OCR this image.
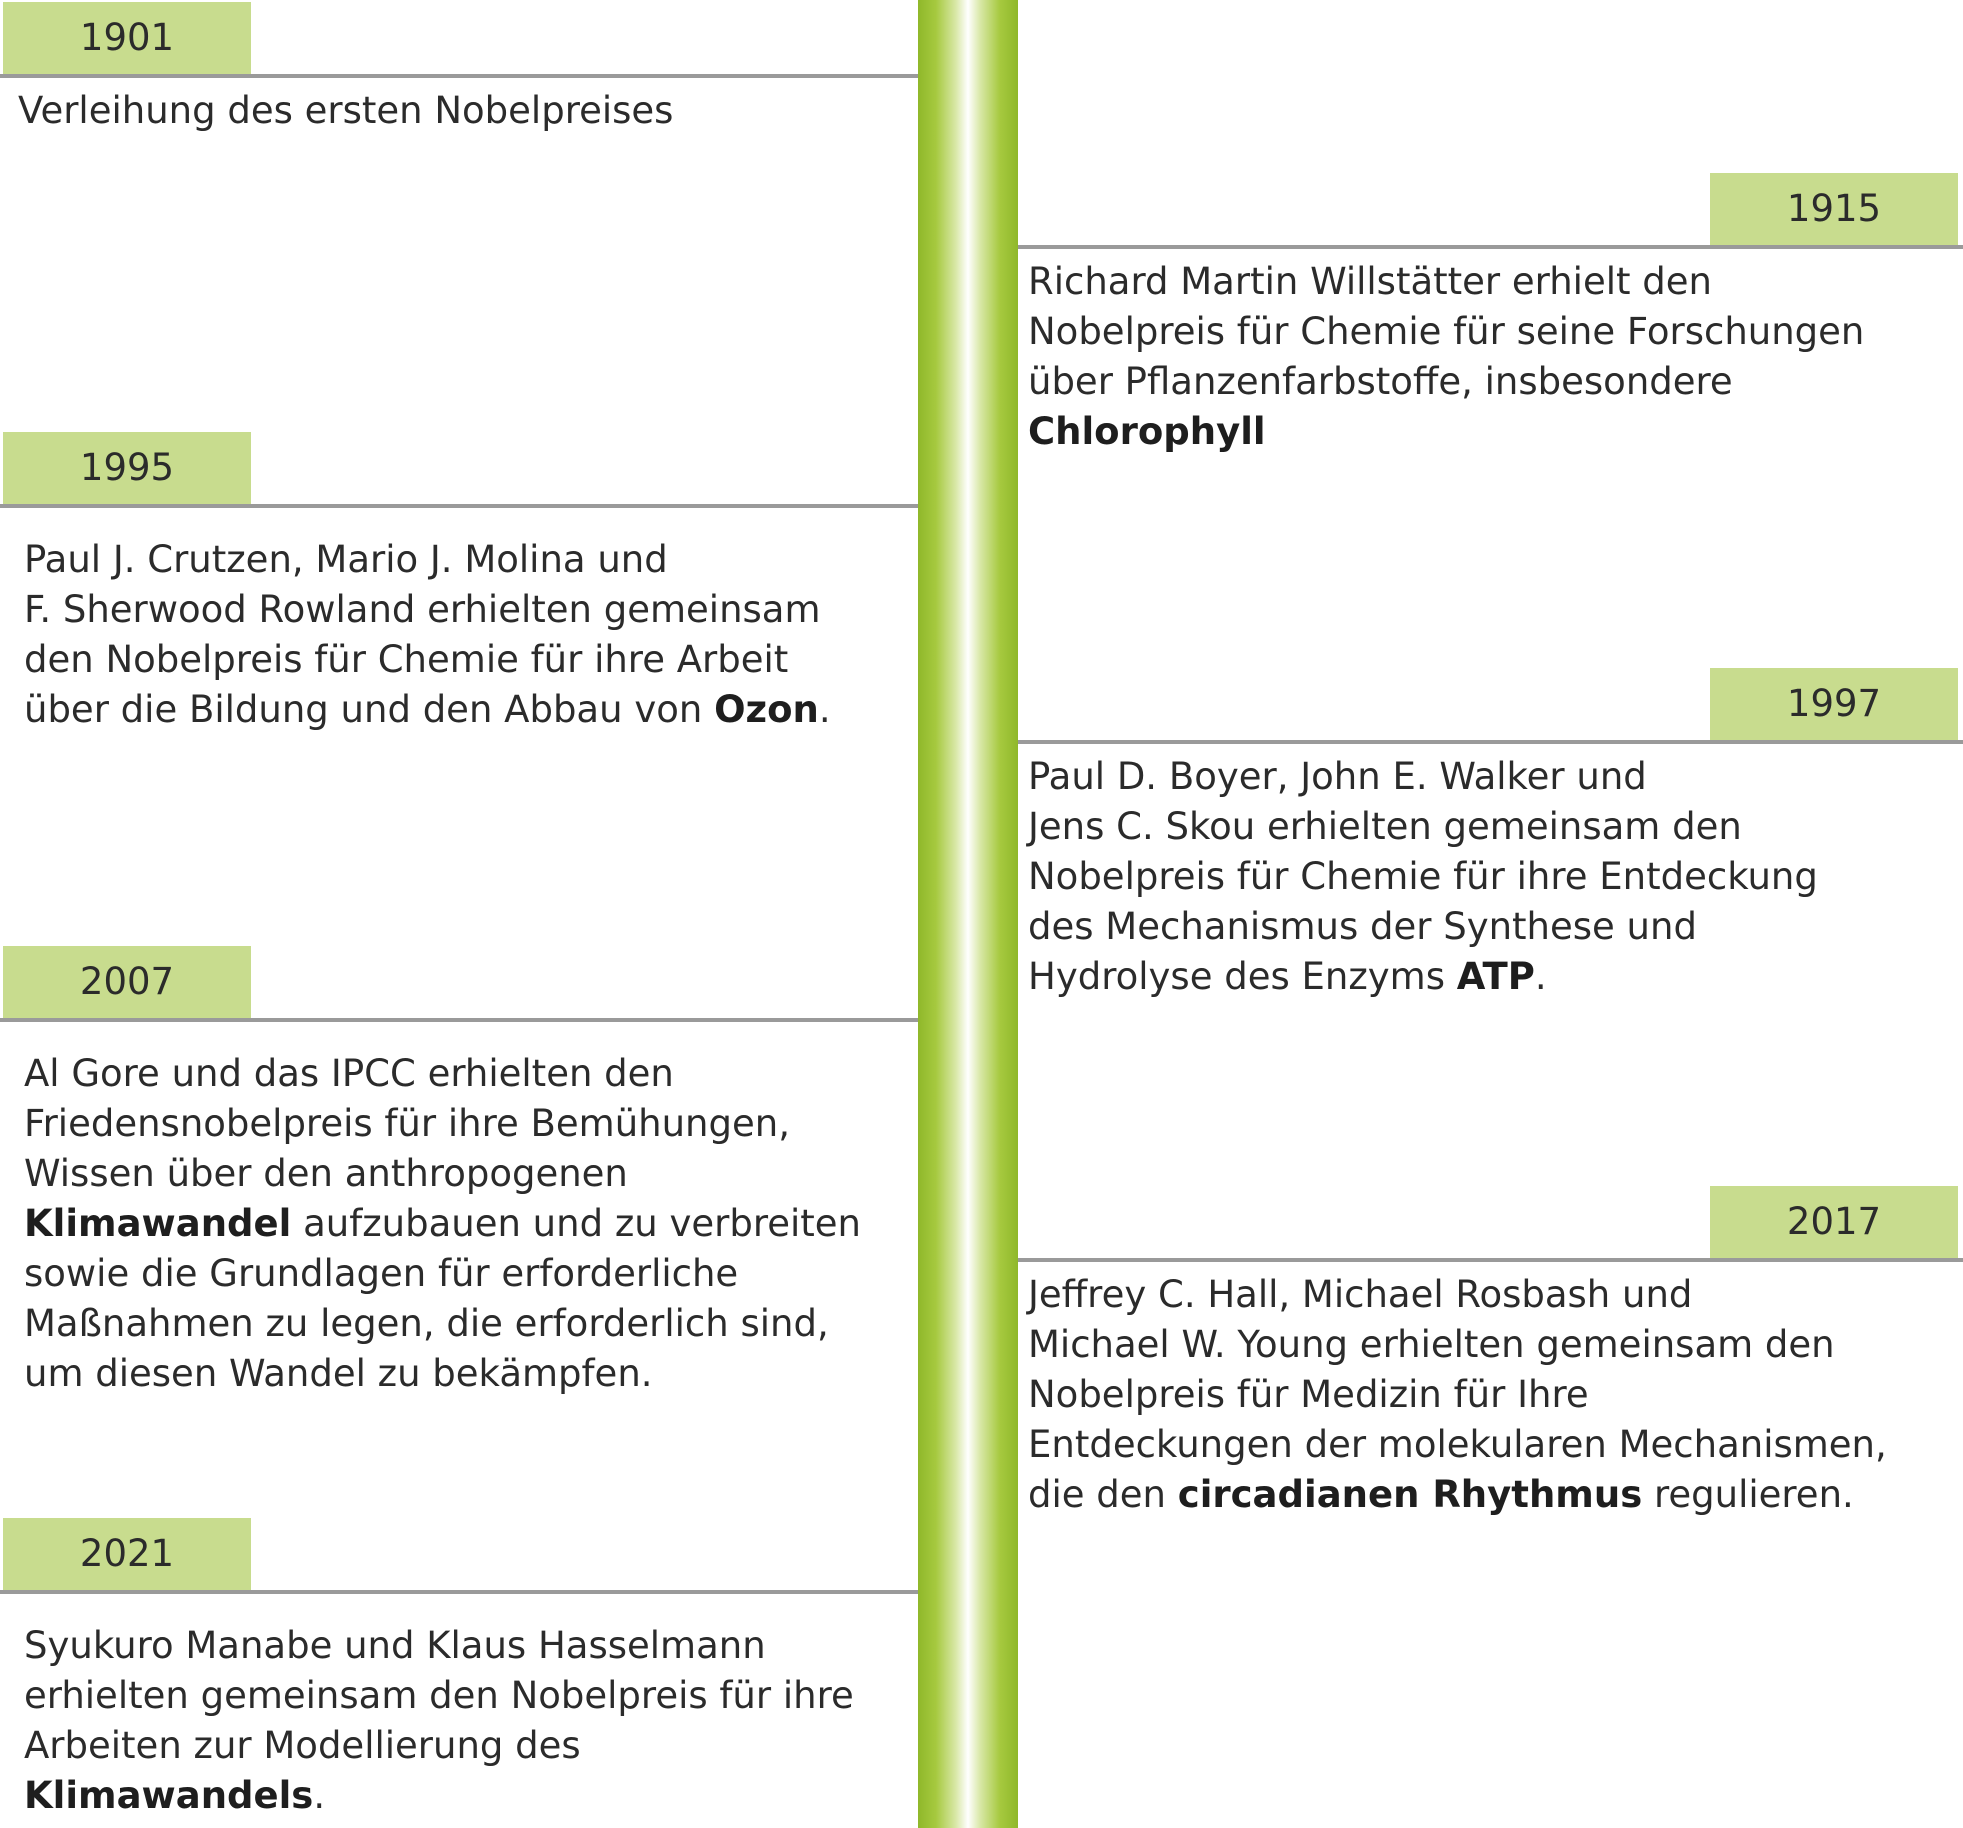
1901

Verleihung des ersten Nobelpreises

1915

Richard Martin Willstätter erhielt den
Nobelpreis für Chemie für seine Forschungen
über Pflanzenfarbstoffe, insbesondere
Chlorophyll

1995

Paul J. Crutzen, Mario J. Molina und
F. Sherwood Rowland erhielten gemeinsam
den Nobelpreis für Chemie für ihre Arbeit
über die Bildung und den Abbau von Ozon.	1997

Paul D. Boyer, John E. Walker und
Jens C. Skou erhielten gemeinsam den
Nobelpreis für Chemie für ihre Entdeckung
des Mechanismus der Synthese und
Hydrolyse des Enzyms ATP.

2007

Al Gore und das IPCC erhielten den
Friedensnobelpreis für ihre Bemühungen,
Wissen über den anthropogenen
Klimawandel aufzubauen und zu verbreiten
sowie die Grundlagen für erforderliche
Maßnahmen zu legen, die erforderlich sind,
um diesen Wandel zu bekämpfen.

2017

Jeffrey C. Hall, Michael Rosbash und
Michael W. Young erhielten gemeinsam den
Nobelpreis für Medizin für Ihre
Entdeckungen der molekularen Mechanismen,
die den circadianen Rhythmus regulieren.

2021

Syukuro Manabe und Klaus Hasselmann
erhielten gemeinsam den Nobelpreis für ihre
Arbeiten zur Modellierung des
Klimawandels.
